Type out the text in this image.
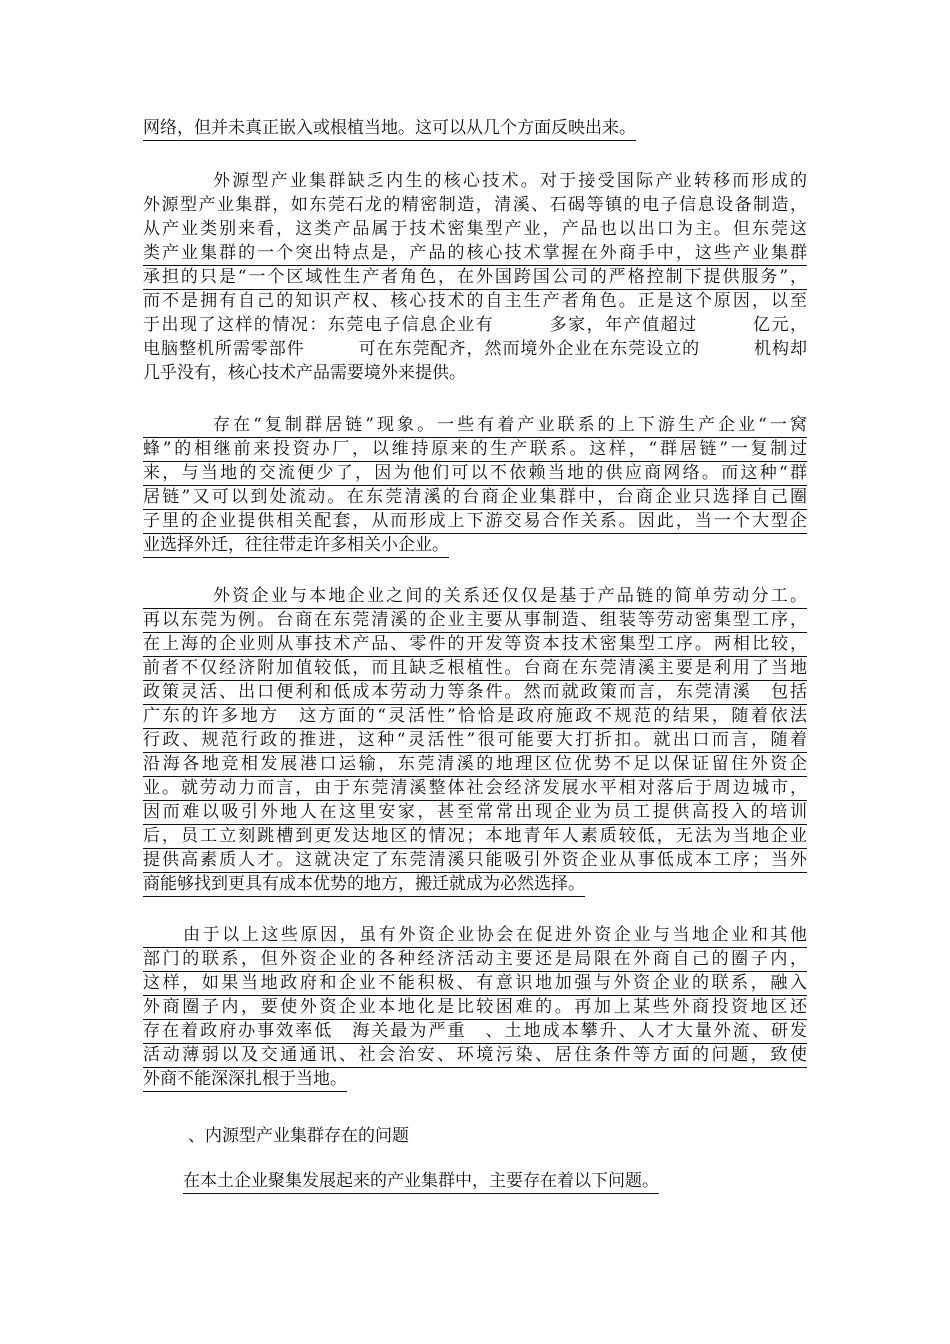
网络，但并未真正嵌入或根植当地。这可以从几个方面反映出来。
外源型产业集群缺乏内生的核心技术。对于接受国际产业转移而形成的
外源型产业集群，如东莞石龙的精密制造，清溪、石碣等镇的电子信息设备制造，
从产业类别来看，这类产品属于技术密集型产业，产品也以出口为主。但东莞这
类产业集群的一个突出特点是，产品的核心技术掌握在外商手中，这些产业集群
承担的只是“一个区域性生产者角色，在外国跨国公司的严格控制下提供服务”，
而不是拥有自己的知识产权、核心技术的自主生产者角色。正是这个原因，以至
于出现了这样的情况：东莞电子信息企业有　　　多家，年产值超过　　　亿元，
电脑整机所需零部件　　　可在东莞配齐，然而境外企业在东莞设立的　　　机构却
几乎没有，核心技术产品需要境外来提供。
存在“复制群居链”现象。一些有着产业联系的上下游生产企业“一窝
蜂”的相继前来投资办厂，以维持原来的生产联系。这样，“群居链”一复制过
来，与当地的交流便少了，因为他们可以不依赖当地的供应商网络。而这种“群
居链”又可以到处流动。在东莞清溪的台商企业集群中，台商企业只选择自己圈
子里的企业提供相关配套，从而形成上下游交易合作关系。因此，当一个大型企
业选择外迁，往往带走许多相关小企业。
外资企业与本地企业之间的关系还仅仅是基于产品链的简单劳动分工。
再以东莞为例。台商在东莞清溪的企业主要从事制造、组装等劳动密集型工序，
在上海的企业则从事技术产品、零件的开发等资本技术密集型工序。两相比较，
前者不仅经济附加值较低，而且缺乏根植性。台商在东莞清溪主要是利用了当地
政策灵活、出口便利和低成本劳动力等条件。然而就政策而言，东莞清溪　包括
广东的许多地方　这方面的“灵活性”恰恰是政府施政不规范的结果，随着依法
行政、规范行政的推进，这种“灵活性”很可能要大打折扣。就出口而言，随着
沿海各地竞相发展港口运输，东莞清溪的地理区位优势不足以保证留住外资企
业。就劳动力而言，由于东莞清溪整体社会经济发展水平相对落后于周边城市，
因而难以吸引外地人在这里安家，甚至常常出现企业为员工提供高投入的培训
后，员工立刻跳槽到更发达地区的情况；本地青年人素质较低，无法为当地企业
提供高素质人才。这就决定了东莞清溪只能吸引外资企业从事低成本工序；当外
商能够找到更具有成本优势的地方，搬迁就成为必然选择。
由于以上这些原因，虽有外资企业协会在促进外资企业与当地企业和其他
部门的联系，但外资企业的各种经济活动主要还是局限在外商自己的圈子内，
这样，如果当地政府和企业不能积极、有意识地加强与外资企业的联系，融入
外商圈子内，要使外资企业本地化是比较困难的。再加上某些外商投资地区还
存在着政府办事效率低　海关最为严重　、土地成本攀升、人才大量外流、研发
活动薄弱以及交通通讯、社会治安、环境污染、居住条件等方面的问题，致使
外商不能深深扎根于当地。
、内源型产业集群存在的问题
在本土企业聚集发展起来的产业集群中，主要存在着以下问题。
